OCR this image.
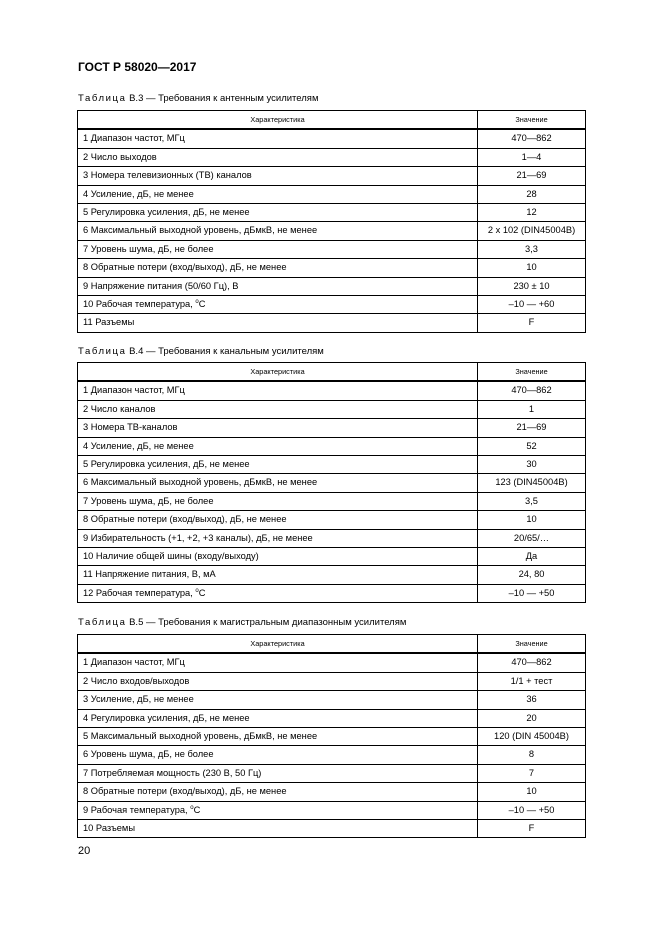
ГОСТ Р 58020—2017
Таблица В.3 — Требования к антенным усилителям
Характеристика	Значение
1 Диапазон частот, МГц	470—862
2 Число выходов	1—4
3 Номера телевизионных (ТВ) каналов	21—69
4 Усиление, дБ, не менее	28
5 Регулировка усиления, дБ, не менее	12
6 Максимальный выходной уровень, дБмкВ, не менее	2 х 102 (DIN45004B)
7 Уровень шума, дБ, не более	3,3
8 Обратные потери (вход/выход), дБ, не менее	10
9 Напряжение питания (50/60 Гц), В	230 ± 10
10 Рабочая температура, $^о$С	–10 — +60
11 Разъемы	F
Таблица В.4 — Требования к канальным усилителям
Характеристика	Значение
1 Диапазон частот, МГц	470—862
2 Число каналов	1
3 Номера ТВ-каналов	21—69
4 Усиление, дБ, не менее	52
5 Регулировка усиления, дБ, не менее	30
6 Максимальный выходной уровень, дБмкВ, не менее	123 (DIN45004B)
7 Уровень шума, дБ, не более	3,5
8 Обратные потери (вход/выход), дБ, не менее	10
9 Избирательность (+1, +2, +3 каналы), дБ, не менее	20/65/…
10 Наличие общей шины (входу/выходу)	Да
11 Напряжение питания, В, мА	24, 80
12 Рабочая температура, $^о$С	–10 — +50
Таблица В.5 — Требования к магистральным диапазонным усилителям
Характеристика	Значение
1 Диапазон частот, МГц	470—862
2 Число входов/выходов	1/1 + тест
3 Усиление, дБ, не менее	36
4 Регулировка усиления, дБ, не менее	20
5 Максимальный выходной уровень, дБмкВ, не менее	120 (DIN 45004B)
6 Уровень шума, дБ, не более	8
7 Потребляемая мощность (230 В, 50 Гц)	7
8 Обратные потери (вход/выход), дБ, не менее	10
9 Рабочая температура, $^о$С	–10 — +50
10 Разъемы	F
20
